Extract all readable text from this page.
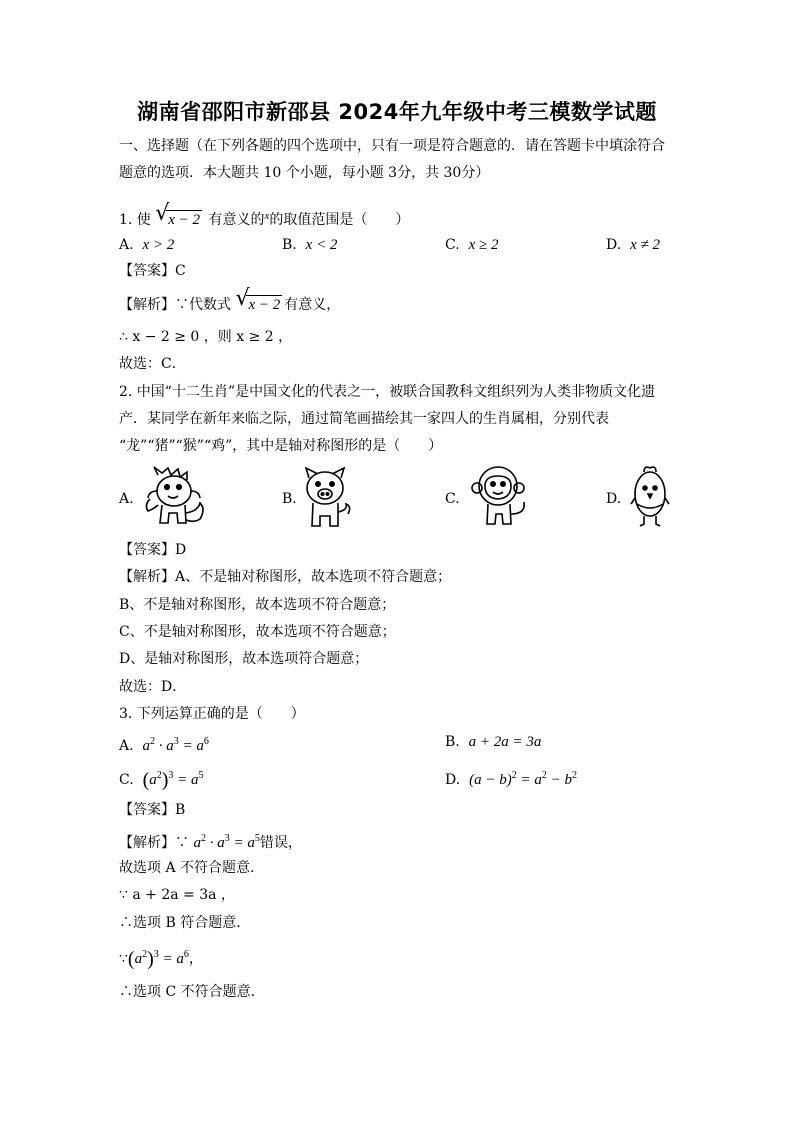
湖南省邵阳市新邵县 2024年九年级中考三模数学试题
一、选择题（在下列各题的四个选项中，只有一项是符合题意的．请在答题卡中填涂符合
题意的选项．本大题共 10 个小题，每小题 3分，共 30分）
1. 使 √
x − 2 有意义的$^x$的取值范围是（　　）
A. x > 2	B. x < 2	C. x ≥ 2	D. x ≠ 2
【答案】C
【解析】∵代数式 √
x − 2 有意义，
∴ x − 2 ≥ 0 ，则 x ≥ 2 ，
故选：C．
2. 中国“十二生肖”是中国文化的代表之一，被联合国教科文组织列为人类非物质文化遗
产．某同学在新年来临之际，通过简笔画描绘其一家四人的生肖属相，分别代表
“龙”“猪”“猴”“鸡”，其中是轴对称图形的是（　　）
A.	B.	C.	D.
【答案】D
【解析】A、不是轴对称图形，故本选项不符合题意；
B、不是轴对称图形，故本选项不符合题意；
C、不是轴对称图形，故本选项不符合题意；
D、是轴对称图形，故本选项符合题意；
故选：D．
3. 下列运算正确的是（　　）
A. $a^2 \cdot a^3 = a^6$	B. a + 2a = 3a
C. $(a^2)^3 = a^5$	D. $(a - b)^2 = a^2 - b^2$
【答案】B
【解析】∵ $a^2 \cdot a^3 = a^5$错误，
故选项 A 不符合题意．
∵ a + 2a = 3a ，
∴选项 B 符合题意．
$\because(a^2)^3 = a^6$，
∴选项 C 不符合题意．
